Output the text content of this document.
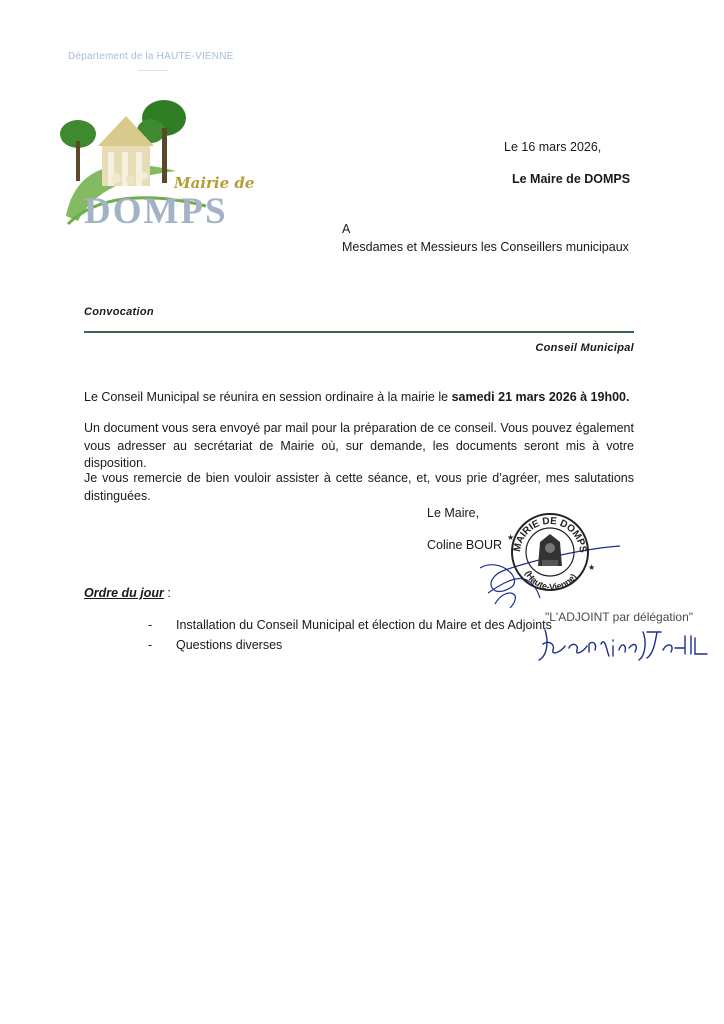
Département de la HAUTE-VIENNE
Mairie de
DOMPS
Le 16 mars 2026,
Le Maire de DOMPS
A
Mesdames et Messieurs les Conseillers municipaux
Convocation
Conseil Municipal
Le Conseil Municipal se réunira en session ordinaire à la mairie le samedi 21 mars 2026 à 19h00.
Un document vous sera envoyé par mail pour la préparation de ce conseil. Vous pouvez également vous adresser au secrétariat de Mairie où, sur demande, les documents seront mis à votre disposition.
Je vous remercie de bien vouloir assister à cette séance, et, vous prie d’agréer, mes salutations distinguées.
Le Maire,
Coline BOUR MAIRIE DE DOMPS
(Haute-Vienne)
★
★
Ordre du jour :
- Installation du Conseil Municipal et élection du Maire et des Adjoints
- Questions diverses
"L'ADJOINT par délégation"
